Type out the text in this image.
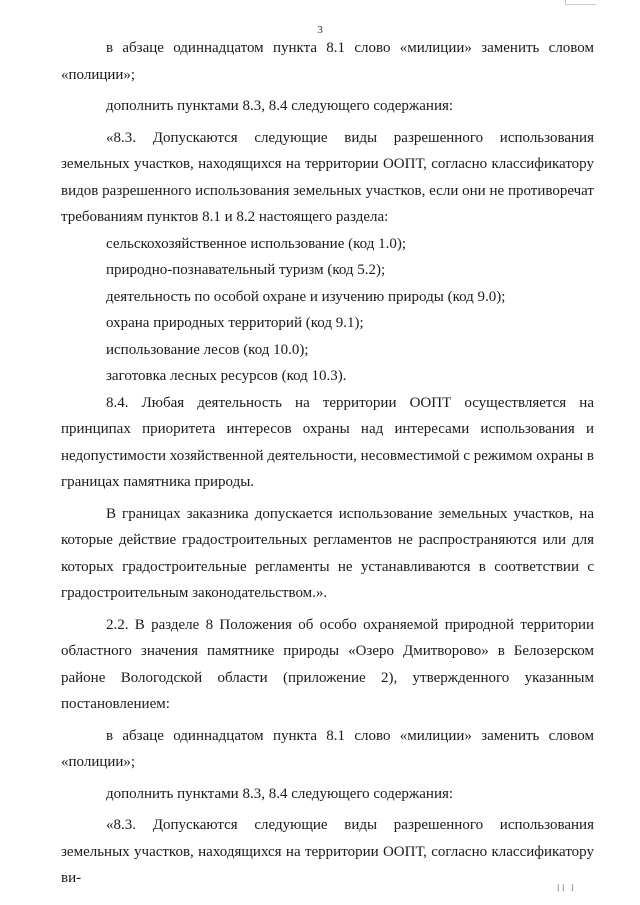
3

в абзаце одиннадцатом пункта 8.1 слово «милиции» заменить словом «полиции»;

дополнить пунктами 8.3, 8.4 следующего содержания:

«8.3. Допускаются следующие виды разрешенного использования земельных участков, находящихся на территории ООПТ, согласно классификатору видов разрешенного использования земельных участков, если они не противоречат требованиям пунктов 8.1 и 8.2 настоящего раздела:

сельскохозяйственное использование (код 1.0);

природно-познавательный туризм (код 5.2);

деятельность по особой охране и изучению природы (код 9.0);

охрана природных территорий (код 9.1);

использование лесов (код 10.0);

заготовка лесных ресурсов (код 10.3).

8.4. Любая деятельность на территории ООПТ осуществляется на принципах приоритета интересов охраны над интересами использования и недопустимости хозяйственной деятельности, несовместимой с режимом охраны в границах памятника природы.

В границах заказника допускается использование земельных участков, на которые действие градостроительных регламентов не распространяются или для которых градостроительные регламенты не устанавливаются в соответствии с градостроительным законодательством.».

2.2. В разделе 8 Положения об особо охраняемой природной территории областного значения памятнике природы «Озеро Дмитворово» в Белозерском районе Вологодской области (приложение 2), утвержденного указанным постановлением:

в абзаце одиннадцатом пункта 8.1 слово «милиции» заменить словом «полиции»;

дополнить пунктами 8.3, 8.4 следующего содержания:

«8.3. Допускаются следующие виды разрешенного использования земельных участков, находящихся на территории ООПТ, согласно классификатору ви-

II I
